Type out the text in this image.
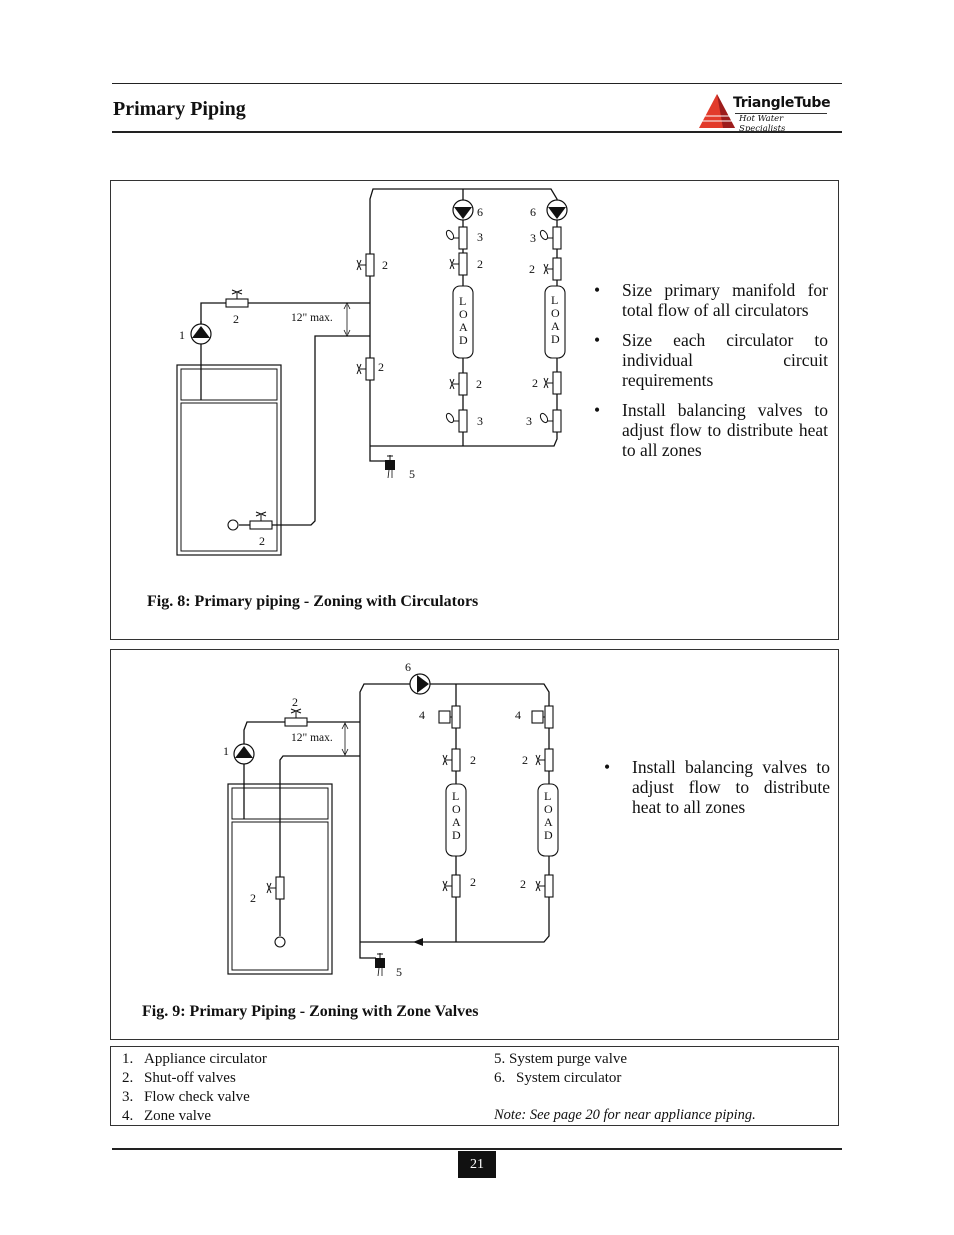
Primary Piping	TriangleTube
Hot Water Specialists
1
2
2
12" max.
2
2
6
3
2
L
O
A
D
2
3
6
3
2
L
O
A
D
2
3
5
• Size primary manifold for total flow of all circulators
• Size each circulator to individual circuit requirements
• Install balancing valves to adjust flow to distribute heat to all zones
Fig. 8: Primary piping - Zoning with Circulators
1
2
2
12" max.
6
4
2
L
O
A
D
2
4
2
L
O
A
D
2
5
• Install balancing valves to adjust flow to distribute heat to all zones
Fig. 9: Primary Piping - Zoning with Zone Valves
1. Appliance circulator
2. Shut-off valves
3. Flow check valve
4. Zone valve
5. System purge valve
6. System circulator
Note: See page 20 for near appliance piping.
21
